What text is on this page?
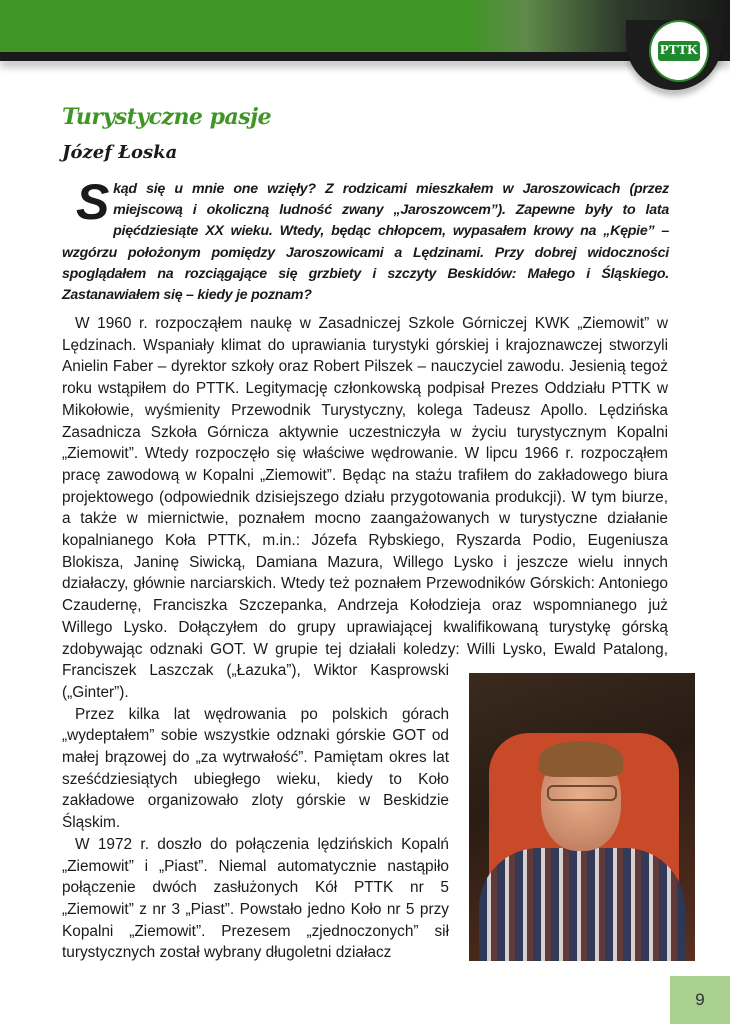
PTTK
Turystyczne pasje
Józef Łoska
Skąd się u mnie one wzięły? Z rodzicami mieszkałem w Jaroszowicach (przez miejscową i okoliczną ludność zwany „Jaroszowcem”). Zapewne były to lata pięćdziesiąte XX wieku. Wtedy, będąc chłopcem, wypasałem krowy na „Kępie” – wzgórzu położonym pomiędzy Jaroszowicami a Lędzinami. Przy dobrej widoczności spoglądałem na rozciągające się grzbiety i szczyty Beskidów: Małego i Śląskiego. Zastanawiałem się – kiedy je poznam?

W 1960 r. rozpocząłem naukę w Zasadniczej Szkole Górniczej KWK „Ziemowit” w Lędzinach. Wspaniały klimat do uprawiania turystyki górskiej i krajoznawczej stworzyli Anielin Faber – dyrektor szkoły oraz Robert Pilszek – nauczyciel zawodu. Jesienią tegoż roku wstąpiłem do PTTK. Legitymację członkowską podpisał Prezes Oddziału PTTK w Mikołowie, wyśmienity Przewodnik Turystyczny, kolega Tadeusz Apollo. Lędzińska Zasadnicza Szkoła Górnicza aktywnie uczestniczyła w życiu turystycznym Kopalni „Ziemowit”. Wtedy rozpoczęło się właściwe wędrowanie. W lipcu 1966 r. rozpocząłem pracę zawodową w Kopalni „Ziemowit”. Będąc na stażu trafiłem do zakładowego biura projektowego (odpowiednik dzisiejszego działu przygotowania produkcji). W tym biurze, a także w miernictwie, poznałem mocno zaangażowanych w turystyczne działanie kopalnianego Koła PTTK, m.in.: Józefa Rybskiego, Ryszarda Podio, Eugeniusza Blokisza, Janinę Siwicką, Damiana Mazura, Willego Lysko i jeszcze wielu innych działaczy, głównie narciarskich. Wtedy też poznałem Przewodników Górskich: Antoniego Czaudernę, Franciszka Szczepanka, Andrzeja Kołodzieja oraz wspomnianego już Willego Lysko. Dołączyłem do grupy uprawiającej kwalifikowaną turystykę górską zdobywając odznaki GOT. W grupie tej działali koledzy: Willi Lysko, Ewald Patalong, Franciszek Laszczak („Łazuka”), Wiktor Kasprowski („Ginter”).

Przez kilka lat wędrowania po polskich górach „wydeptałem” sobie wszystkie odznaki górskie GOT od małej brązowej do „za wytrwałość”. Pamiętam okres lat sześćdziesiątych ubiegłego wieku, kiedy to Koło zakładowe organizowało zloty górskie w Beskidzie Śląskim.

W 1972 r. doszło do połączenia lędzińskich Kopalń „Ziemowit” i „Piast”. Niemal automatycznie nastąpiło połączenie dwóch zasłużonych Kół PTTK nr 5 „Ziemowit” z nr 3 „Piast”. Powstało jedno Koło nr 5 przy Kopalni „Ziemowit”. Prezesem „zjednoczonych” sił turystycznych został wybrany długoletni działacz

9
